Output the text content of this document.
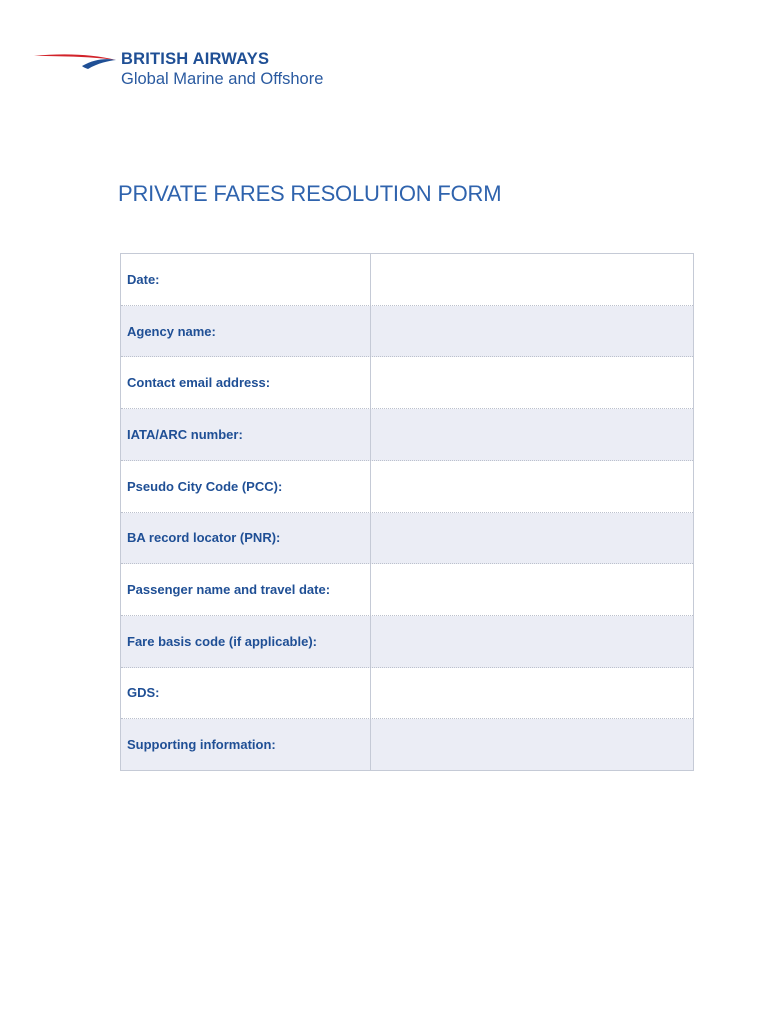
BRITISH AIRWAYS
Global Marine and Offshore
PRIVATE FARES RESOLUTION FORM
Date:
Agency name:
Contact email address:
IATA/ARC number:
Pseudo City Code (PCC):
BA record locator (PNR):
Passenger name and travel date:
Fare basis code (if applicable):
GDS:
Supporting information:
